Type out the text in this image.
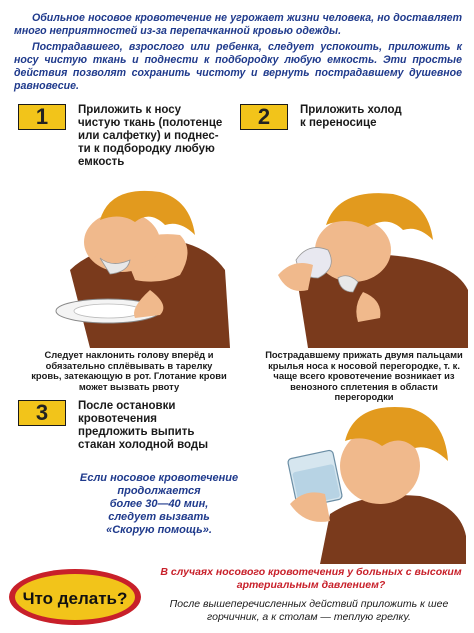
Обильное носовое кровотечение не угрожает жизни человека, но доставляет много неприятностей из-за перепачканной кровью одежды.

Пострадавшего, взрослого или ребенка, следует успокоить, приложить к носу чистую ткань и поднести к подбородку любую емкость. Эти простые действия позволят сохранить чистоту и вернуть пострадавшему душевное равновесие.

1	Приложить к носу
чистую ткань (полотенце
или салфетку) и поднес-
ти к подбородку любую
емкость
2	Приложить холод
к переносице
Следует наклонить голову вперёд и обязательно сплёвывать в тарелку кровь, затекающую в рот. Глотание крови может вызвать рвоту
Пострадавшему прижать двумя пальцами крылья носа к носовой перегородке, т. к. чаще всего кровотечение возникает из венозного сплетения в области перегородки
3	После остановки
кровотечения
предложить выпить
стакан холодной воды
Если носовое кровотечение
продолжается
более 30—40 мин,
следует вызвать
«Скорую помощь».
Что делать?
В случаях носового кровотечения у больных с высоким артериальным давлением?
После вышеперечисленных действий приложить к шее горчичник, а к столам — теплую грелку.
